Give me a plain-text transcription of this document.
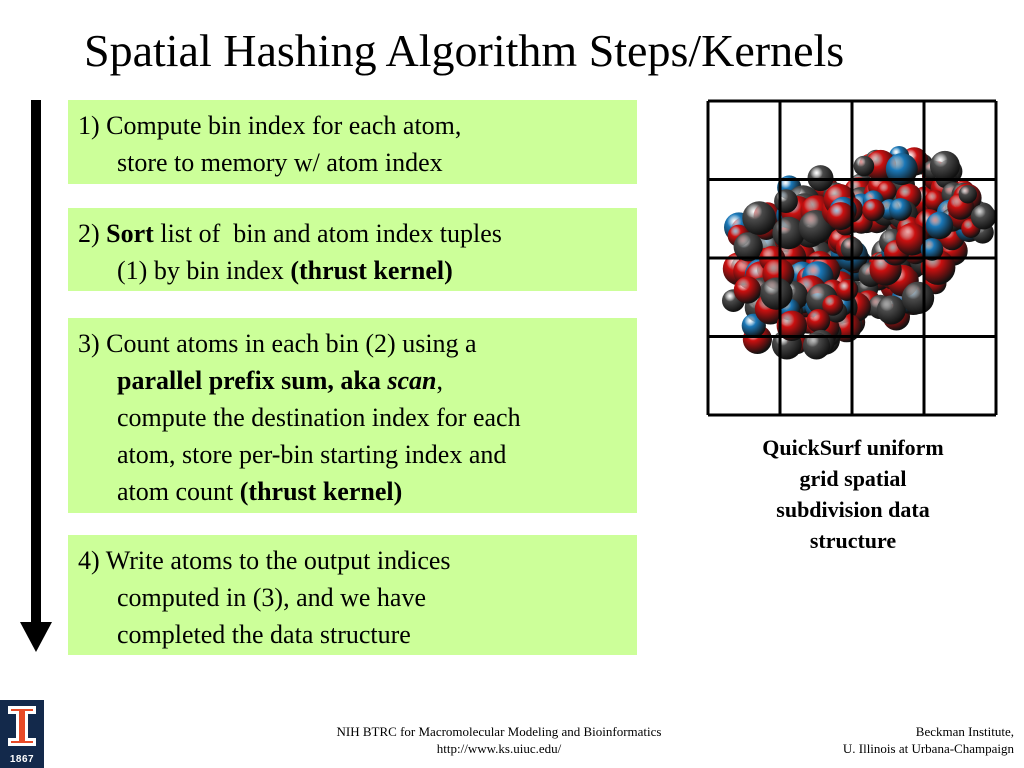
Spatial Hashing Algorithm Steps/Kernels
1) Compute bin index for each atom,
store to memory w/ atom index
2) Sort list of  bin and atom index tuples
(1) by bin index (thrust kernel)
3) Count atoms in each bin (2) using a
parallel prefix sum, aka scan,
compute the destination index for each
atom, store per-bin starting index and
atom count (thrust kernel)
4) Write atoms to the output indices
computed in (3), and we have
completed the data structure
QuickSurf uniform
grid spatial
subdivision data
structure
1867
NIH BTRC for Macromolecular Modeling and Bioinformatics
http://www.ks.uiuc.edu/
Beckman Institute,
U. Illinois at Urbana-Champaign
